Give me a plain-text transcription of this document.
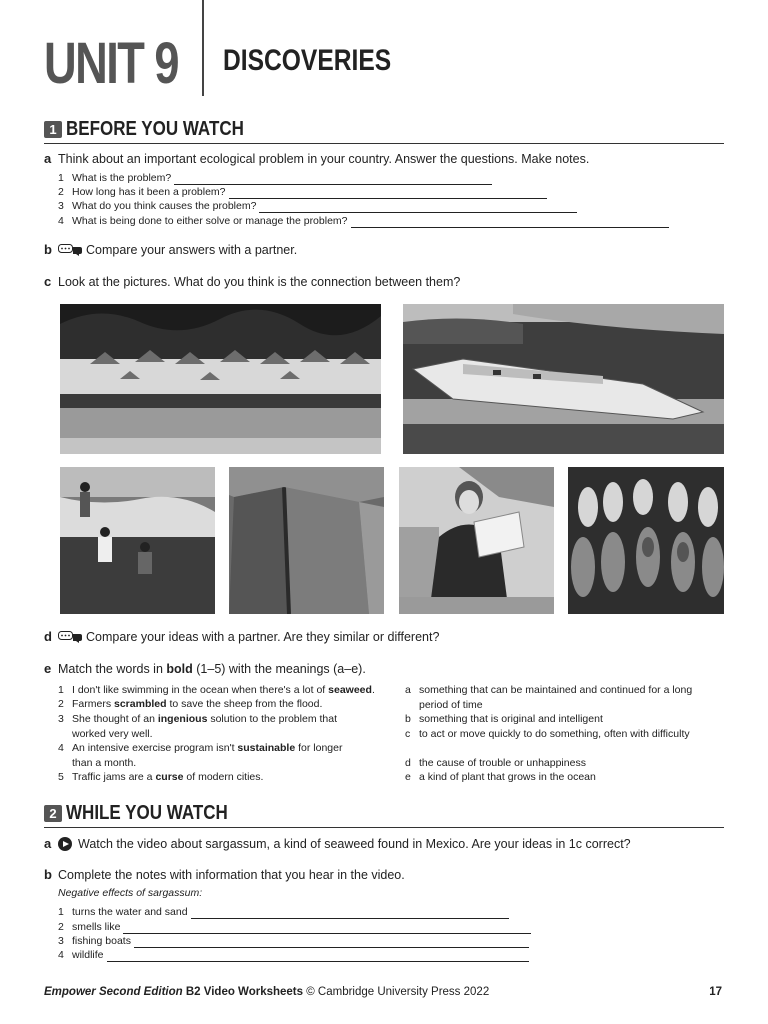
UNIT 9 DISCOVERIES
1 BEFORE YOU WATCH
a Think about an important ecological problem in your country. Answer the questions. Make notes.
1 What is the problem?
2 How long has it been a problem?
3 What do you think causes the problem?
4 What is being done to either solve or manage the problem?
b	Compare your answers with a partner.
c Look at the pictures. What do you think is the connection between them?
d	Compare your ideas with a partner. Are they similar or different?
e Match the words in bold (1–5) with the meanings (a–e).
1 I don't like swimming in the ocean when there's a lot of seaweed.
2 Farmers scrambled to save the sheep from the flood.
3 She thought of an ingenious solution to the problem that worked very well.
4 An intensive exercise program isn't sustainable for longer than a month.
5 Traffic jams are a curse of modern cities.
a something that can be maintained and continued for a long period of time
b something that is original and intelligent
c to act or move quickly to do something, often with difficulty
d the cause of trouble or unhappiness
e a kind of plant that grows in the ocean
2 WHILE YOU WATCH
a Watch the video about sargassum, a kind of seaweed found in Mexico. Are your ideas in 1c correct?
b Complete the notes with information that you hear in the video.
Negative effects of sargassum:
1 turns the water and sand
2 smells like
3 fishing boats
4 wildlife
Empower Second Edition B2 Video Worksheets © Cambridge University Press 2022	17
